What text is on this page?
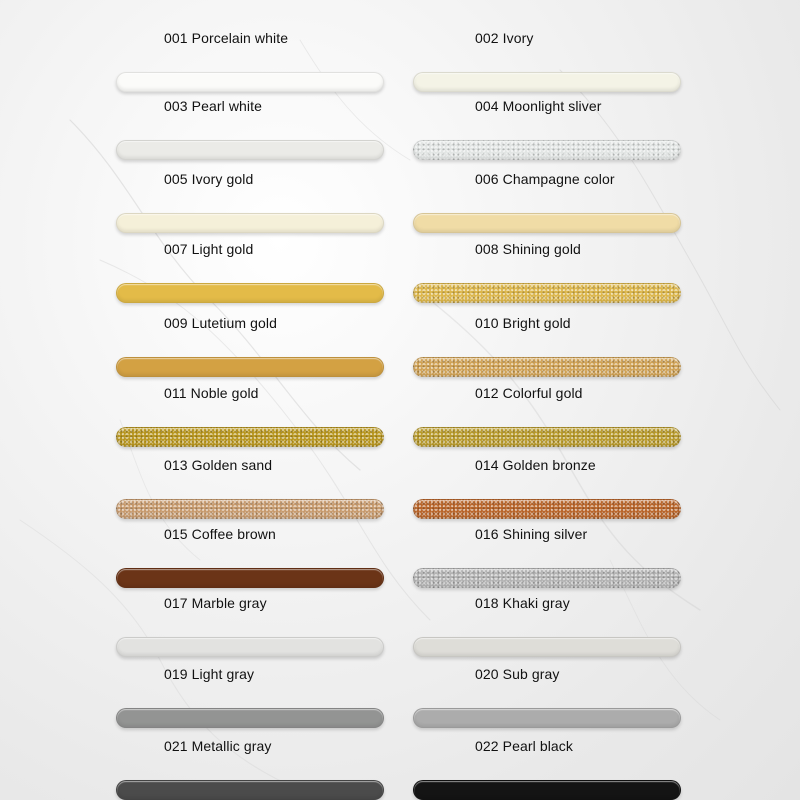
001 Porcelain white	002 Ivory
003 Pearl white	004 Moonlight sliver
005 Ivory gold	006 Champagne color
007 Light gold	008 Shining gold
009 Lutetium gold	010 Bright gold
011 Noble gold	012 Colorful gold
013 Golden sand	014 Golden bronze
015 Coffee brown	016 Shining silver
017 Marble gray	018 Khaki gray
019 Light gray	020 Sub gray
021 Metallic gray	022 Pearl black
